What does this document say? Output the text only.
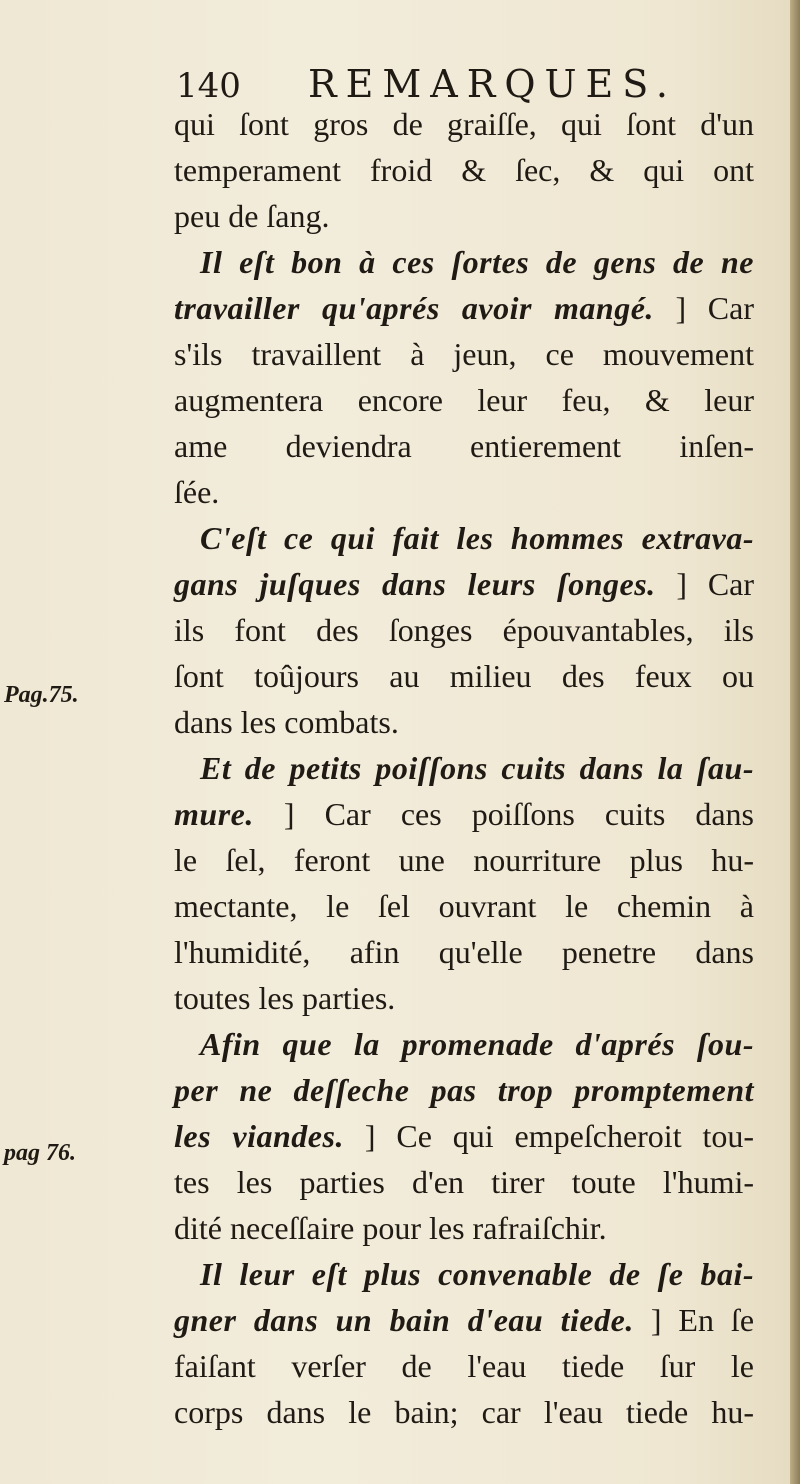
140 REMARQUES.
Pag.75.
pag 76.
qui ſont gros de graiſſe, qui ſont d'un
temperament froid & ſec, & qui ont
peu de ſang.
Il eſt bon à ces ſortes de gens de ne
travailler qu'aprés avoir mangé. ] Car
s'ils travaillent à jeun, ce mouvement
augmentera encore leur feu, & leur
ame deviendra entierement inſen-
ſée.
C'eſt ce qui fait les hommes extrava-
gans juſques dans leurs ſonges. ] Car
ils font des ſonges épouvantables, ils
ſont toûjours au milieu des feux ou
dans les combats.
Et de petits poiſſons cuits dans la ſau-
mure. ] Car ces poiſſons cuits dans
le ſel, feront une nourriture plus hu-
mectante, le ſel ouvrant le chemin à
l'humidité, afin qu'elle penetre dans
toutes les parties.
Afin que la promenade d'aprés ſou-
per ne deſſeche pas trop promptement
les viandes. ] Ce qui empeſcheroit tou-
tes les parties d'en tirer toute l'humi-
dité neceſſaire pour les rafraiſchir.
Il leur eſt plus convenable de ſe bai-
gner dans un bain d'eau tiede. ] En ſe
faiſant verſer de l'eau tiede ſur le
corps dans le bain; car l'eau tiede hu-
